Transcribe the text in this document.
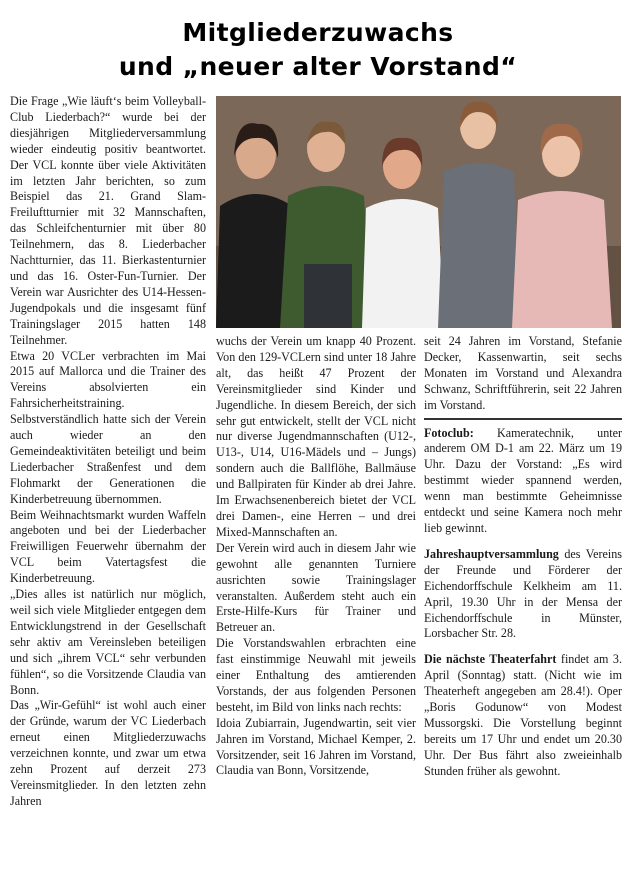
Mitgliederzuwachs
und „neuer alter Vorstand“

Die Frage „Wie läuft‘s beim Volleyball-Club Liederbach?“ wurde bei der diesjährigen Mitgliederversammlung wieder eindeutig positiv beantwortet. Der VCL konnte über viele Aktivitäten im letzten Jahr berichten, so zum Beispiel das 21. Grand Slam-Freiluftturnier mit 32 Mannschaften, das Schleifchenturnier mit über 80 Teilnehmern, das 8. Liederbacher Nachtturnier, das 11. Bierkastenturnier und das 16. Oster-Fun-Turnier. Der Verein war Ausrichter des U14-Hessen-Jugendpokals und die insgesamt fünf Trainingslager 2015 hatten 148 Teilnehmer.

Etwa 20 VCLer verbrachten im Mai 2015 auf Mallorca und die Trainer des Vereins absolvierten ein Fahrsicherheitstraining.

Selbstverständlich hatte sich der Verein auch wieder an den Gemeindeaktivitäten beteiligt und beim Liederbacher Straßenfest und dem Flohmarkt der Generationen die Kinderbetreuung übernommen.

Beim Weihnachtsmarkt wurden Waffeln angeboten und bei der Liederbacher Freiwilligen Feuerwehr übernahm der VCL beim Vatertagsfest die Kinderbetreuung.

„Dies alles ist natürlich nur möglich, weil sich viele Mitglieder entgegen dem Entwicklungstrend in der Gesellschaft sehr aktiv am Vereinsleben beteiligen und sich „ihrem VCL“ sehr verbunden fühlen“, so die Vorsitzende Claudia van Bonn.

Das „Wir-Gefühl“ ist wohl auch einer der Gründe, warum der VC Liederbach erneut einen Mitgliederzuwachs verzeichnen konnte, und zwar um etwa zehn Prozent auf derzeit 273 Vereinsmitglieder. In den letzten zehn Jahren

wuchs der Verein um knapp 40 Prozent. Von den 129-VCLern sind unter 18 Jahre alt, das heißt 47 Prozent der Vereinsmitglieder sind Kinder und Jugendliche. In diesem Bereich, der sich sehr gut entwickelt, stellt der VCL nicht nur diverse Jugendmannschaften (U12-, U13-, U14, U16-Mädels und – Jungs) sondern auch die Ballflöhe, Ballmäuse und Ballpiraten für Kinder ab drei Jahre. Im Erwachsenenbereich bietet der VCL drei Damen-, eine Herren – und drei Mixed-Mannschaften an.

Der Verein wird auch in diesem Jahr wie gewohnt alle genannten Turniere ausrichten sowie Trainingslager veranstalten. Außerdem steht auch ein Erste-Hilfe-Kurs für Trainer und Betreuer an.

Die Vorstandswahlen erbrachten eine fast einstimmige Neuwahl mit jeweils einer Enthaltung des amtierenden Vorstands, der aus folgenden Personen besteht, im Bild von links nach rechts:

Idoia Zubiarrain, Jugendwartin, seit vier Jahren im Vorstand, Michael Kemper, 2. Vorsitzender, seit 16 Jahren im Vorstand, Claudia van Bonn, Vorsitzende,

seit 24 Jahren im Vorstand, Stefanie Decker, Kassenwartin, seit sechs Monaten im Vorstand und Alexandra Schwanz, Schriftführerin, seit 22 Jahren im Vorstand.

Fotoclub: Kameratechnik, unter anderem OM D-1 am 22. März um 19 Uhr. Dazu der Vorstand: „Es wird bestimmt wieder spannend werden, wenn man bestimmte Geheimnisse entdeckt und seine Kamera noch mehr lieb gewinnt.

Jahreshauptversammlung des Vereins der Freunde und Förderer der Eichendorffschule Kelkheim am 11. April, 19.30 Uhr in der Mensa der Eichendorffschule in Münster, Lorsbacher Str. 28.

Die nächste Theaterfahrt findet am 3. April (Sonntag) statt. (Nicht wie im Theaterheft angegeben am 28.4!). Oper „Boris Godunow“ von Modest Mussorgski. Die Vorstellung beginnt bereits um 17 Uhr und endet um 20.30 Uhr. Der Bus fährt also zweieinhalb Stunden früher als gewohnt.
